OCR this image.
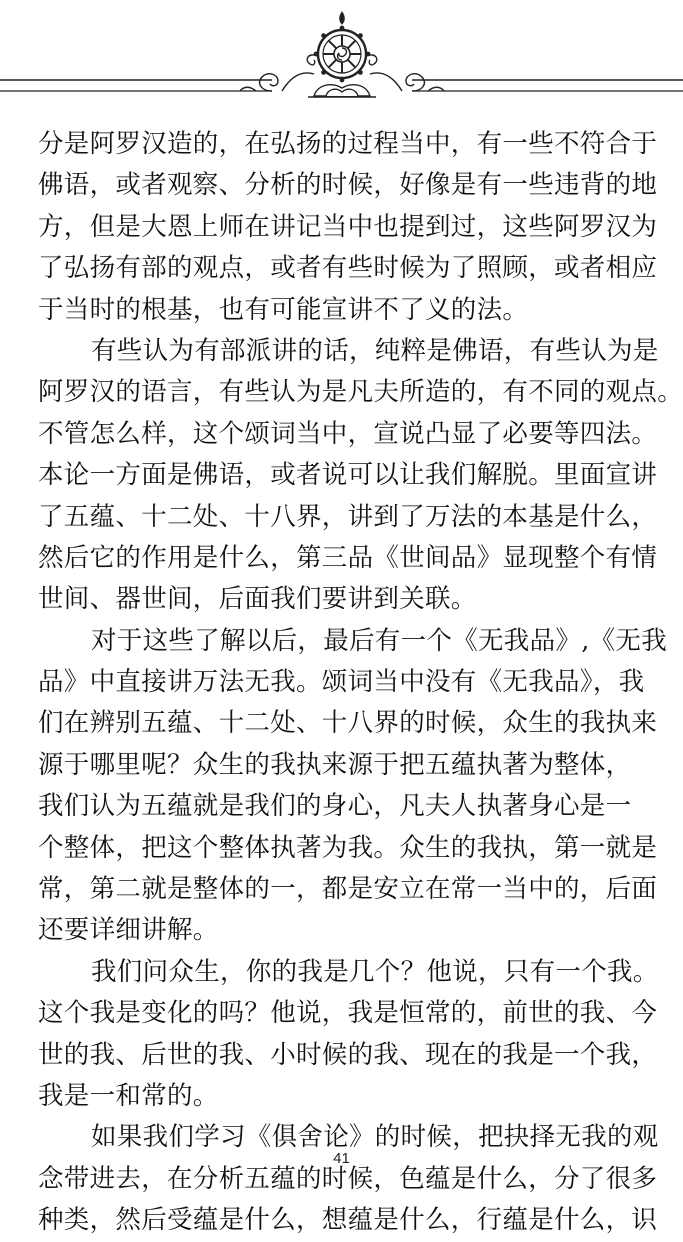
分是阿罗汉造的，在弘扬的过程当中，有一些不符合于
佛语，或者观察、分析的时候，好像是有一些违背的地
方，但是大恩上师在讲记当中也提到过，这些阿罗汉为
了弘扬有部的观点，或者有些时候为了照顾，或者相应
于当时的根基，也有可能宣讲不了义的法。
有些认为有部派讲的话，纯粹是佛语，有些认为是
阿罗汉的语言，有些认为是凡夫所造的，有不同的观点。
不管怎么样，这个颂词当中，宣说凸显了必要等四法。
本论一方面是佛语，或者说可以让我们解脱。里面宣讲
了五蕴、十二处、十八界，讲到了万法的本基是什么，
然后它的作用是什么，第三品《世间品》显现整个有情
世间、器世间，后面我们要讲到关联。
对于这些了解以后，最后有一个《无我品》,《无我
品》中直接讲万法无我。颂词当中没有《无我品》，我
们在辨别五蕴、十二处、十八界的时候，众生的我执来
源于哪里呢？众生的我执来源于把五蕴执著为整体，
我们认为五蕴就是我们的身心，凡夫人执著身心是一
个整体，把这个整体执著为我。众生的我执，第一就是
常，第二就是整体的一，都是安立在常一当中的，后面
还要详细讲解。
我们问众生，你的我是几个？他说，只有一个我。
这个我是变化的吗？他说，我是恒常的，前世的我、今
世的我、后世的我、小时候的我、现在的我是一个我，
我是一和常的。
如果我们学习《俱舍论》的时候，把抉择无我的观
念带进去，在分析五蕴的时候，色蕴是什么，分了很多
种类，然后受蕴是什么，想蕴是什么，行蕴是什么，识
41
